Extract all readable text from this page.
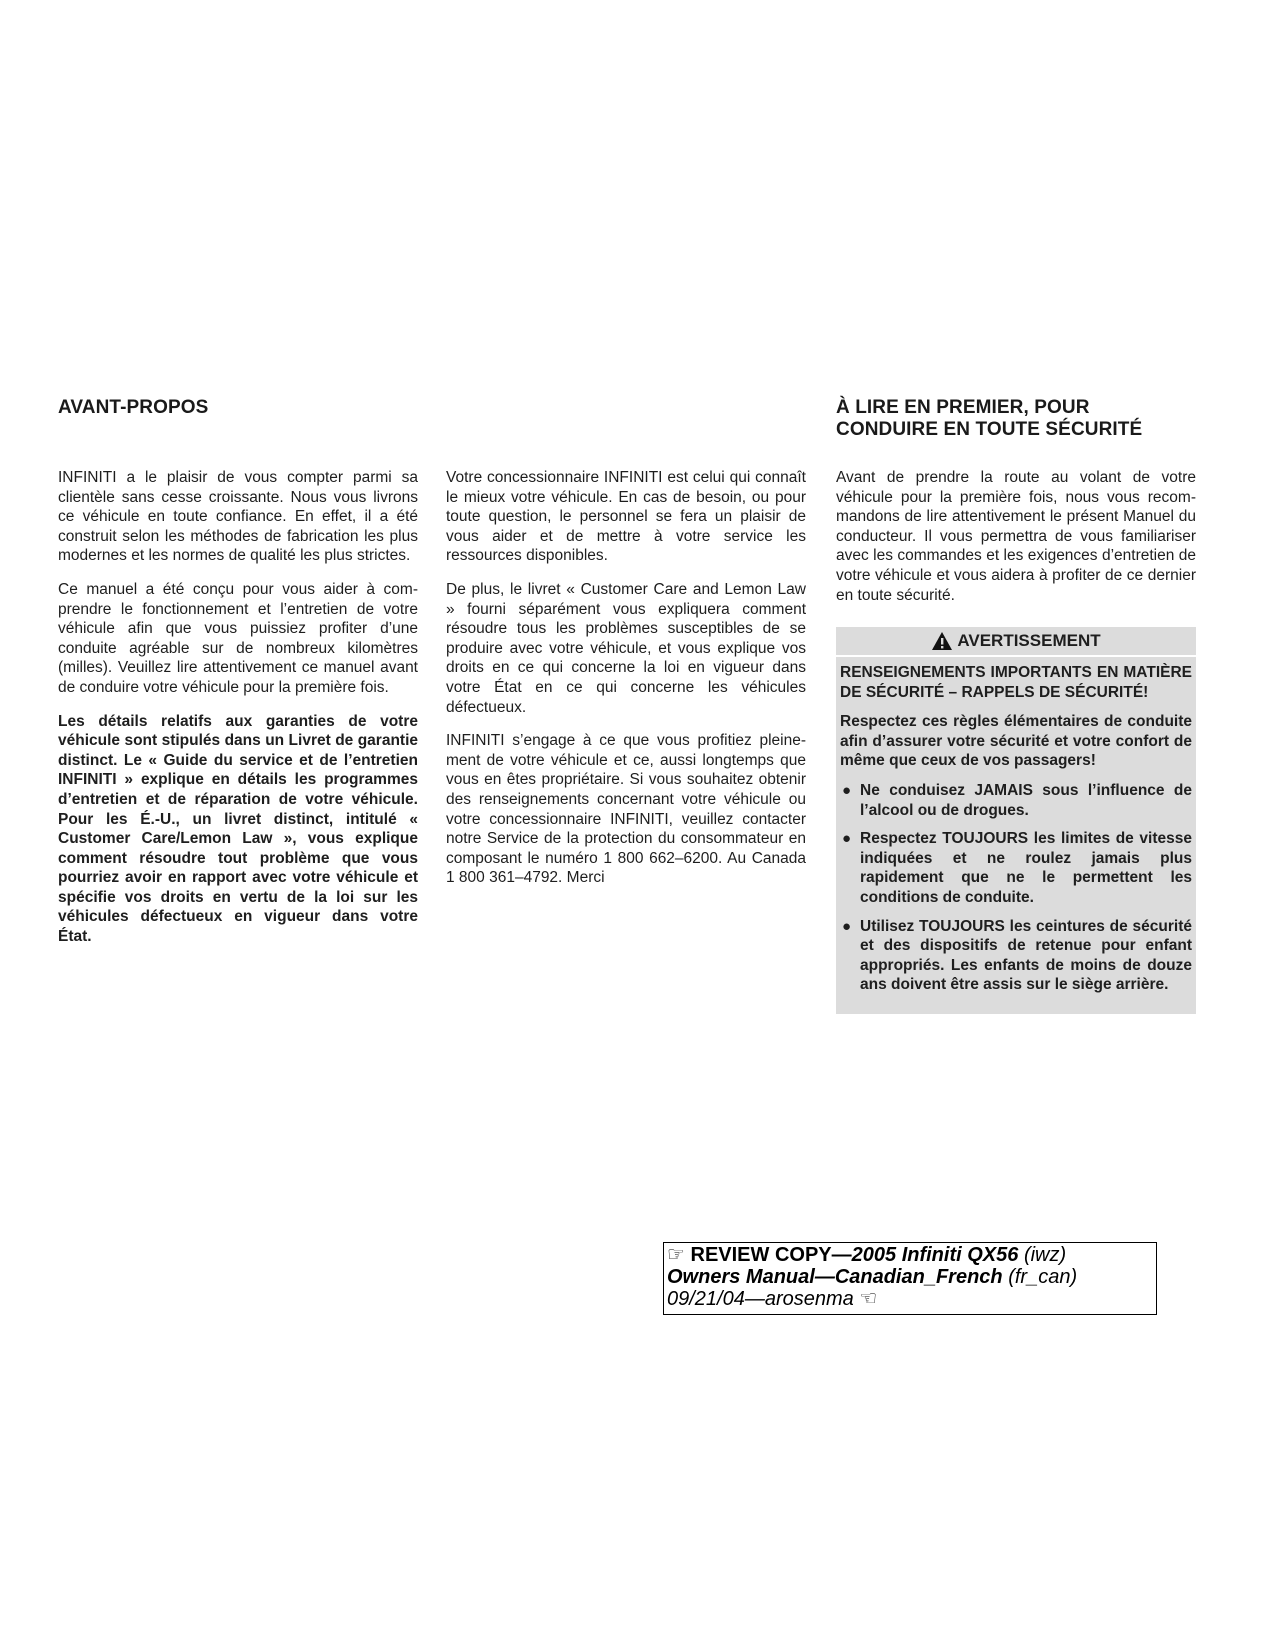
AVANT-PROPOS

INFINITI a le plaisir de vous compter parmi sa clientèle sans cesse croissante. Nous vous livrons ce véhicule en toute confiance. En effet, il a été construit selon les méthodes de fabrication les plus modernes et les normes de qualité les plus strictes.

Ce manuel a été conçu pour vous aider à comprendre le fonctionnement et l’entretien de votre véhicule afin que vous puissiez profiter d’une conduite agréable sur de nombreux kilomètres (milles). Veuillez lire attentivement ce manuel avant de conduire votre véhicule pour la première fois.

Les détails relatifs aux garanties de votre véhicule sont stipulés dans un Livret de garantie distinct. Le « Guide du service et de l’entretien INFINITI » explique en détails les programmes d’entretien et de réparation de votre véhicule. Pour les É.-U., un livret distinct, intitulé « Customer Care/Lemon Law », vous explique comment résoudre tout problème que vous pourriez avoir en rapport avec votre véhicule et spécifie vos droits en vertu de la loi sur les véhicules défectueux en vigueur dans votre État.

Votre concessionnaire INFINITI est celui qui connaît le mieux votre véhicule. En cas de besoin, ou pour toute question, le personnel se fera un plaisir de vous aider et de mettre à votre service les ressources disponibles.

De plus, le livret « Customer Care and Lemon Law » fourni séparément vous expliquera comment résoudre tous les problèmes susceptibles de se produire avec votre véhicule, et vous explique vos droits en ce qui concerne la loi en vigueur dans votre État en ce qui concerne les véhicules défectueux.

INFINITI s’engage à ce que vous profitiez pleinement de votre véhicule et ce, aussi longtemps que vous en êtes propriétaire. Si vous souhaitez obtenir des renseignements concernant votre véhicule ou votre concessionnaire INFINITI, veuillez contacter notre Service de la protection du consommateur en composant le numéro 1 800 662–6200. Au Canada 1 800 361–4792. Merci

À LIRE EN PREMIER, POUR
CONDUIRE EN TOUTE SÉCURITÉ

Avant de prendre la route au volant de votre véhicule pour la première fois, nous vous recommandons de lire attentivement le présent Manuel du conducteur. Il vous permettra de vous familiariser avec les commandes et les exigences d’entretien de votre véhicule et vous aidera à profiter de ce dernier en toute sécurité.

AVERTISSEMENT

RENSEIGNEMENTS IMPORTANTS EN MATIÈRE DE SÉCURITÉ – RAPPELS DE SÉCURITÉ!

Respectez ces règles élémentaires de conduite afin d’assurer votre sécurité et votre confort de même que ceux de vos passagers!

● Ne conduisez JAMAIS sous l’influence de l’alcool ou de drogues.
● Respectez TOUJOURS les limites de vitesse indiquées et ne roulez jamais plus rapidement que ne le permettent les conditions de conduite.
● Utilisez TOUJOURS les ceintures de sécurité et des dispositifs de retenue pour enfant appropriés. Les enfants de moins de douze ans doivent être assis sur le siège arrière.
☞ REVIEW COPY—2005 Infiniti QX56 (iwz)
Owners Manual—Canadian_French (fr_can)
09/21/04—arosenma ☜
